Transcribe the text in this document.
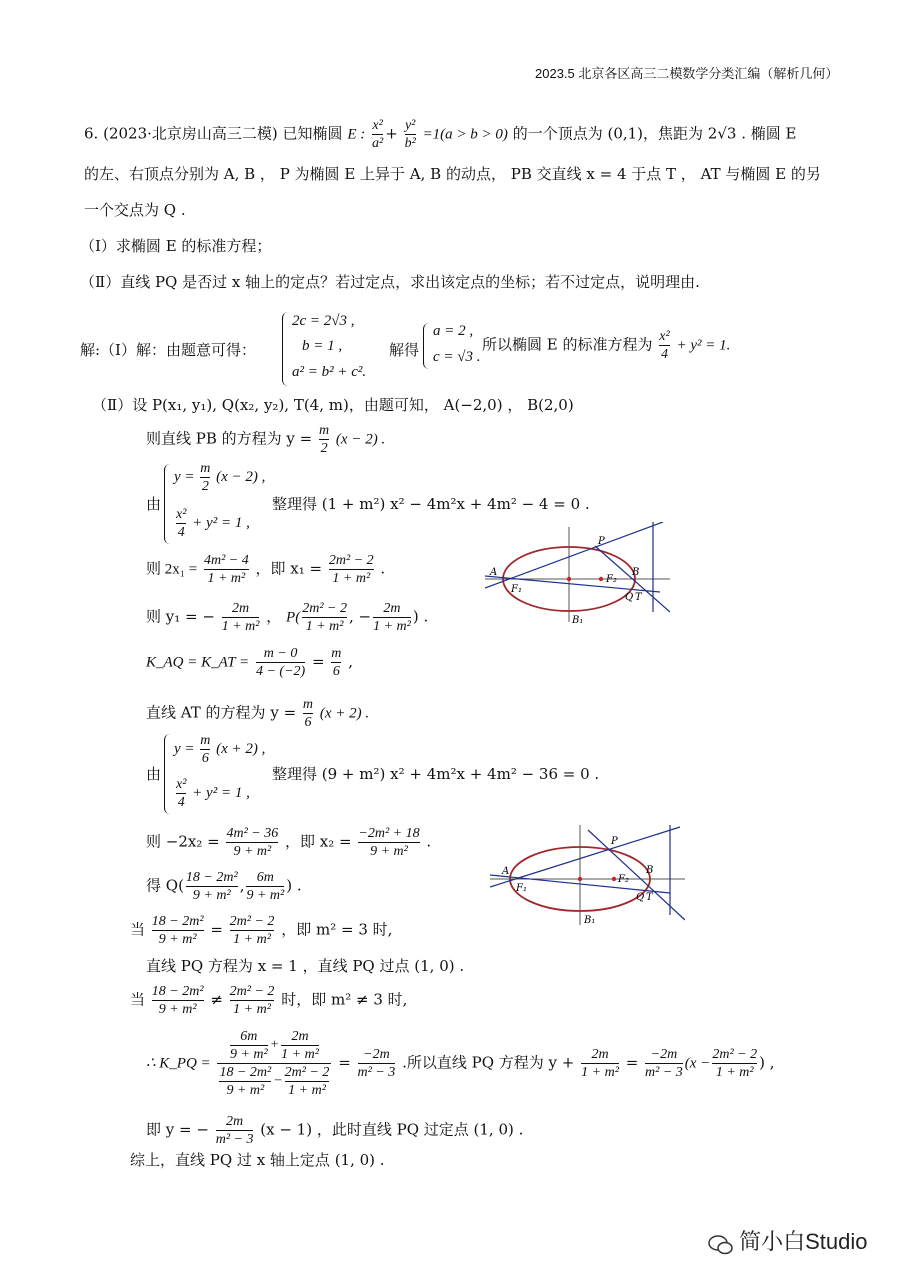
2023.5 北京各区高三二模数学分类汇编（解析几何）
6. (2023·北京房山高三二模) 已知椭圆 E : $\frac{\text{x²}}{\text{a²}} + \frac{\text{y²}}{\text{b²}} =1(a > b > 0)$ 的一个顶点为 (0,1)，焦距为 2√3 . 椭圆 E
的左、右顶点分别为 A, B ， P 为椭圆 E 上异于 A, B 的动点， PB 交直线 x = 4 于点 T ， AT 与椭圆 E 的另
一个交点为 Q .
（Ⅰ）求椭圆 E 的标准方程；
（Ⅱ）直线 PQ 是否过 x 轴上的定点？若过定点，求出该定点的坐标；若不过定点，说明理由.
解:（Ⅰ）解：由题意可得：
2c = 2√3 ,
b = 1 ,
a² = b² + c².
解得
a = 2 ,
c = √3 .
所以椭圆 E 的标准方程为 $\frac{\text{x²}}{4} + y^2 = 1$.
（Ⅱ）设 P(x₁, y₁), Q(x₂, y₂), T(4, m)，由题可知， A(−2,0) ， B(2,0)
则直线 PB 的方程为 $y = \frac{m}{2} (x - 2)$ .
由
$y = \frac{m}{2} (x - 2)$ ,
$\frac{\text{x²}}{4} + y^2 = 1$ ,
整理得 (1 + m²) x² − 4m²x + 4m² − 4 = 0 .
则 $2x_1 = \frac{\text{4m² − 4}}{\text{1 + m²}}$ ，即 $x_1 = \frac{\text{2m² − 2}}{\text{1 + m²}}$ .
则 y₁ = − $\frac{2m}{\text{1 + m²}}$ ， $P( \frac{\text{2m² − 2}}{\text{1 + m²}}$ , − $\frac{2m}{\text{1 + m²}}$ ) .
K_AQ = K_AT = $\frac{m - 0}{4 - (-2)} = \frac{m}{6}$ ,
直线 AT 的方程为 $y = \frac{m}{6} (x + 2)$ .
由
$y = \frac{m}{6} (x + 2)$ ,
$\frac{\text{x²}}{4} + y^2 = 1$ ,
整理得 (9 + m²) x² + 4m²x + 4m² − 36 = 0 .
则 $-2x_2 = \frac{\text{4m² − 36}}{\text{9 + m²}}$ ，即 $x_2 = \frac{\text{−2m² + 18}}{\text{9 + m²}}$ .
得 $Q( \frac{\text{18 − 2m²}}{\text{9 + m²}}$ , $\frac{6m}{\text{9 + m²}}$ ) .
当 $\frac{\text{18 − 2m²}}{\text{9 + m²}} = \frac{\text{2m² − 2}}{\text{1 + m²}}$ ，即 m² = 3 时,
直线 PQ 方程为 x = 1 ，直线 PQ 过点 (1, 0) .
当 $\frac{\text{18 − 2m²}}{\text{9 + m²}} \ne \frac{\text{2m² − 2}}{\text{1 + m²}}$ 时，即 m² ≠ 3 时,
∴ K_PQ = $\frac{\frac{6m}{\text{9 + m²}} + \frac{2m}{\text{1 + m²}}}{\frac{\text{18 − 2m²}}{\text{9 + m²}} - \frac{\text{2m² − 2}}{\text{1 + m²}}} = \frac{-2m}{\text{m² − 3}}$ .所以直线 PQ 方程为 $y + \frac{2m}{\text{1 + m²}} = \frac{-2m}{\text{m² − 3}} (x - \frac{\text{2m² − 2}}{\text{1 + m²}}$ ) ,
即 y = − $\frac{2m}{\text{m² − 3}} (x - 1)$ ，此时直线 PQ 过定点 (1, 0) .
综上，直线 PQ 过 x 轴上定点 (1, 0) .
A
F₁
P
F₂
B
Q T
B₁
A
F₁
P
F₂
B
Q T
B₁
简小白Studio
